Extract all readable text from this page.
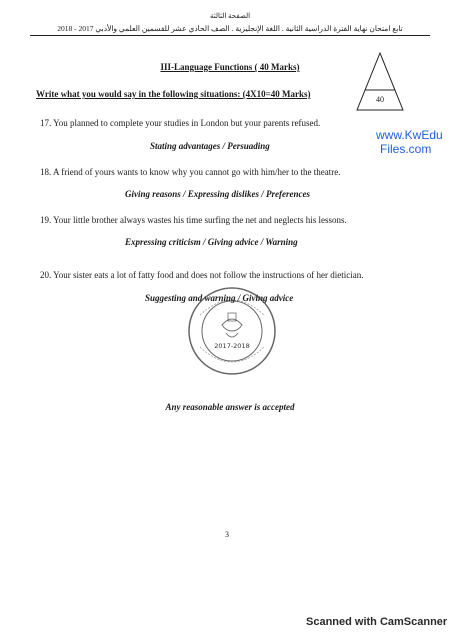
الصفحة الثالثة
تابع امتحان نهاية الفترة الدراسية الثانية . اللغة الإنجليزية . الصف الحادي عشر للقسمين العلمي والأدبي 2017 - 2018
III-Language Functions ( 40 Marks)
40
Write what you would say in the following situations: (4X10=40 Marks)
17. You planned to complete your studies in London but your parents refused.
Stating advantages / Persuading
18. A friend of yours wants to know why you cannot go with him/her to the theatre.
Giving reasons / Expressing dislikes / Preferences
19. Your little brother always wastes his time surfing the net and neglects his lessons.
Expressing criticism / Giving advice / Warning
20. Your sister eats a lot of fatty food and does not follow the instructions of her dietician.
Suggesting and warning / Giving advice
www.KwEdu
Files.com
2017-2018
Any reasonable answer is accepted
3
Scanned with CamScanner
